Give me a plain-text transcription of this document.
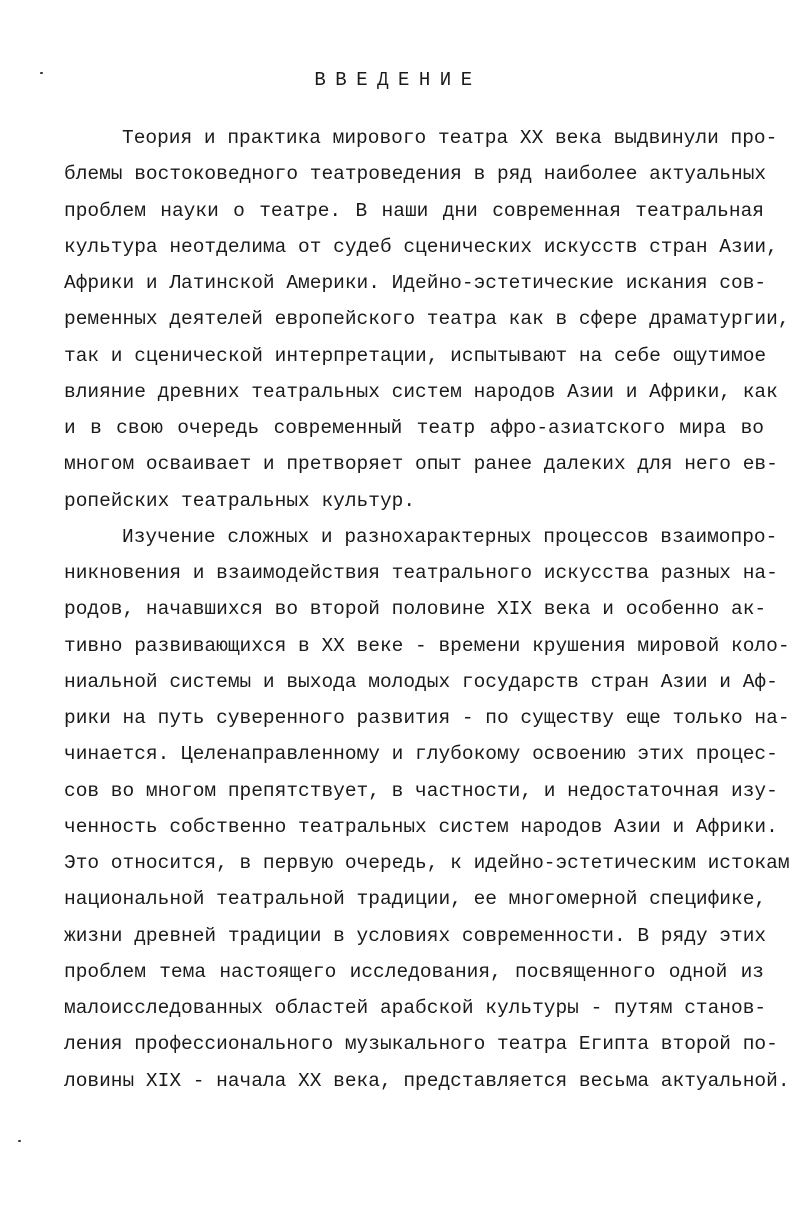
ВВЕДЕНИЕ
Теория и практика мирового театра XX века выдвинули про-
блемы востоковедного театроведения в ряд наиболее актуальных
проблем науки о театре. В наши дни современная театральная
культура неотделима от судеб сценических искусств стран Азии,
Африки и Латинской Америки. Идейно-эстетические искания сов-
ременных деятелей европейского театра как в сфере драматургии,
так и сценической интерпретации, испытывают на себе ощутимое
влияние древних театральных систем народов Азии и Африки, как
и в свою очередь современный театр афро-азиатского мира во
многом осваивает и претворяет опыт ранее далеких для него ев-
ропейских театральных культур.
Изучение сложных и разнохарактерных процессов взаимопро-
никновения и взаимодействия театрального искусства разных на-
родов, начавшихся во второй половине XIX века и особенно ак-
тивно развивающихся в XX веке - времени крушения мировой коло-
ниальной системы и выхода молодых государств стран Азии и Аф-
рики на путь суверенного развития - по существу еще только на-
чинается. Целенаправленному и глубокому освоению этих процес-
сов во многом препятствует, в частности, и недостаточная изу-
ченность собственно театральных систем народов Азии и Африки.
Это относится, в первую очередь, к идейно-эстетическим истокам
национальной театральной традиции, ее многомерной специфике,
жизни древней традиции в условиях современности. В ряду этих
проблем тема настоящего исследования, посвященного одной из
малоисследованных областей арабской культуры - путям станов-
ления профессионального музыкального театра Египта второй по-
ловины XIX - начала XX века, представляется весьма актуальной.
